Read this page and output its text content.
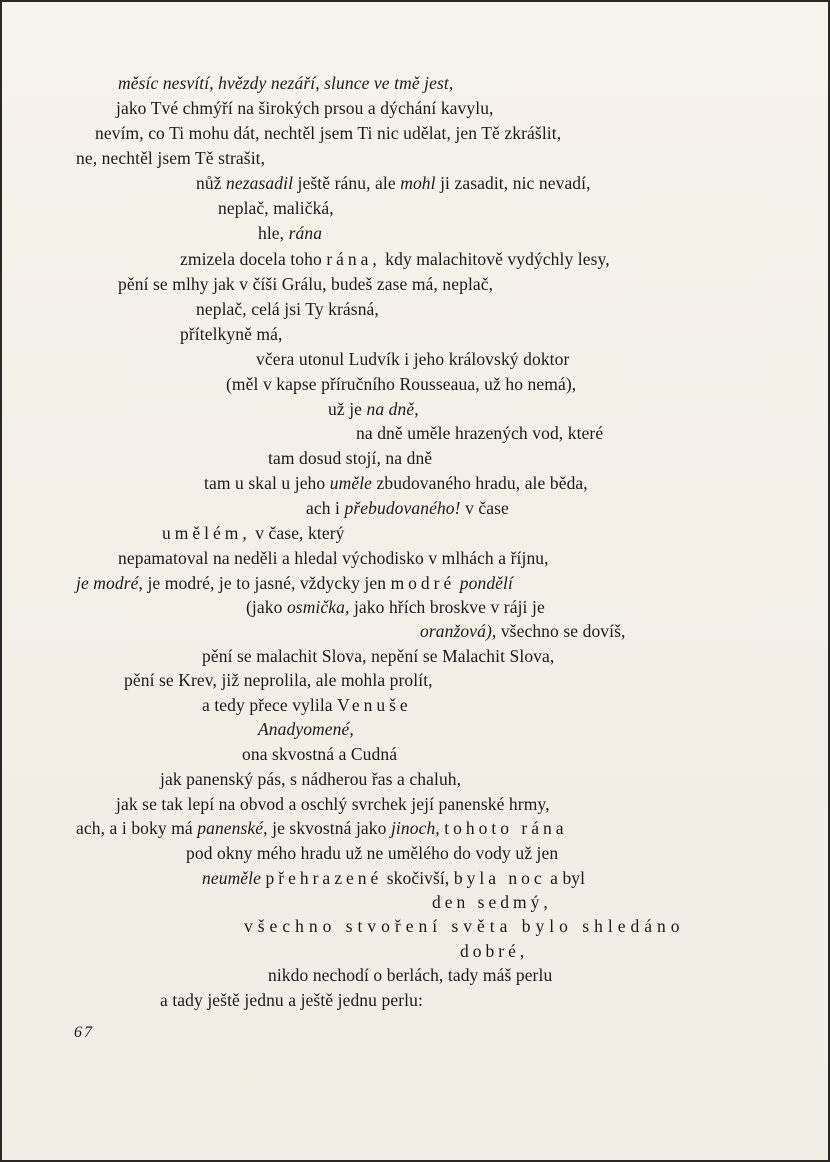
měsíc nesvítí, hvězdy nezáří, slunce ve tmě jest,
jako Tvé chmýří na širokých prsou a dýchání kavylu,
nevím, co Ti mohu dát, nechtěl jsem Ti nic udělat, jen Tě zkrášlit,
ne, nechtěl jsem Tě strašit,
nůž nezasadil ještě ránu, ale mohl ji zasadit, nic nevadí,
neplač, maličká,
hle, rána
zmizela docela toho rána, kdy malachitově vydýchly lesy,
pění se mlhy jak v číši Grálu, budeš zase má, neplač,
neplač, celá jsi Ty krásná,
přítelkyně má,
včera utonul Ludvík i jeho královský doktor
(měl v kapse příručního Rousseaua, už ho nemá),
už je na dně,
na dně uměle hrazených vod, které
tam dosud stojí, na dně
tam u skal u jeho uměle zbudovaného hradu, ale běda,
ach i přebudovaného! v čase
umělém, v čase, který
nepamatoval na neděli a hledal východisko v mlhách a říjnu,
je modré, je modré, je to jasné, vždycky jen modré pondělí
(jako osmička, jako hřích broskve v ráji je
oranžová), všechno se dovíš,
pění se malachit Slova, nepění se Malachit Slova,
pění se Krev, již neprolila, ale mohla prolít,
a tedy přece vylila Venuše
Anadyomené,
ona skvostná a Cudná
jak panenský pás, s nádherou řas a chaluh,
jak se tak lepí na obvod a oschlý svrchek její panenské hrmy,
ach, a i boky má panenské, je skvostná jako jinoch, tohoto rána
pod okny mého hradu už ne umělého do vody už jen
neuměle přehrazené skočivší, byla noc a byl
den sedmý,
všechno stvoření světa bylo shledáno
dobré,
nikdo nechodí o berlách, tady máš perlu
a tady ještě jednu a ještě jednu perlu:
67
